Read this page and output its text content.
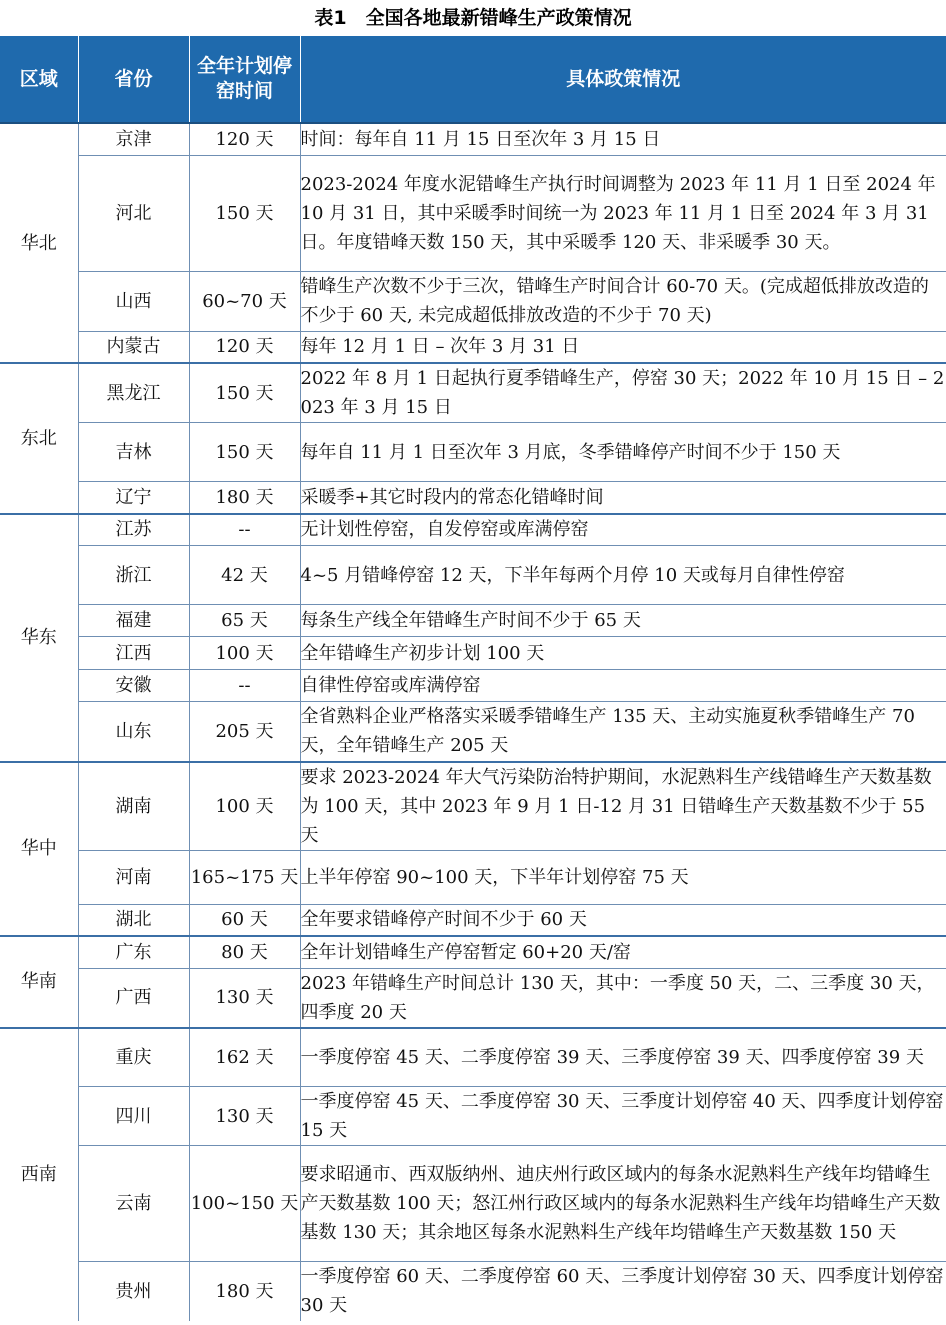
表1　全国各地最新错峰生产政策情况
区域	省份	全年计划停窑时间	具体政策情况
华北	京津	120 天	时间：每年自 11 月 15 日至次年 3 月 15 日
	河北	150 天	2023-2024 年度水泥错峰生产执行时间调整为 2023 年 11 月 1 日至 2024 年 10 月 31 日，其中采暖季时间统一为 2023 年 11 月 1 日至 2024 年 3 月 31 日。年度错峰天数 150 天，其中采暖季 120 天、非采暖季 30 天。
	山西	60~70 天	错峰生产次数不少于三次，错峰生产时间合计 60-70 天。(完成超低排放改造的不少于 60 天, 未完成超低排放改造的不少于 70 天)
	内蒙古	120 天	每年 12 月 1 日 – 次年 3 月 31 日
东北	黑龙江	150 天	2022 年 8 月 1 日起执行夏季错峰生产，停窑 30 天；2022 年 10 月 15 日 – 2023 年 3 月 15 日
	吉林	150 天	每年自 11 月 1 日至次年 3 月底，冬季错峰停产时间不少于 150 天
	辽宁	180 天	采暖季+其它时段内的常态化错峰时间
华东	江苏	--	无计划性停窑，自发停窑或库满停窑
	浙江	42 天	4~5 月错峰停窑 12 天，下半年每两个月停 10 天或每月自律性停窑
	福建	65 天	每条生产线全年错峰生产时间不少于 65 天
	江西	100 天	全年错峰生产初步计划 100 天
	安徽	--	自律性停窑或库满停窑
	山东	205 天	全省熟料企业严格落实采暖季错峰生产 135 天、主动实施夏秋季错峰生产 70 天，全年错峰生产 205 天
华中	湖南	100 天	要求 2023-2024 年大气污染防治特护期间，水泥熟料生产线错峰生产天数基数为 100 天，其中 2023 年 9 月 1 日-12 月 31 日错峰生产天数基数不少于 55 天
	河南	165~175 天	上半年停窑 90~100 天，下半年计划停窑 75 天
	湖北	60 天	全年要求错峰停产时间不少于 60 天
华南	广东	80 天	全年计划错峰生产停窑暂定 60+20 天/窑
	广西	130 天	2023 年错峰生产时间总计 130 天，其中：一季度 50 天，二、三季度 30 天，四季度 20 天
西南	重庆	162 天	一季度停窑 45 天、二季度停窑 39 天、三季度停窑 39 天、四季度停窑 39 天
	四川	130 天	一季度停窑 45 天、二季度停窑 30 天、三季度计划停窑 40 天、四季度计划停窑 15 天
	云南	100~150 天	要求昭通市、西双版纳州、迪庆州行政区域内的每条水泥熟料生产线年均错峰生产天数基数 100 天；怒江州行政区域内的每条水泥熟料生产线年均错峰生产天数基数 130 天；其余地区每条水泥熟料生产线年均错峰生产天数基数 150 天
	贵州	180 天	一季度停窑 60 天、二季度停窑 60 天、三季度计划停窑 30 天、四季度计划停窑 30 天
